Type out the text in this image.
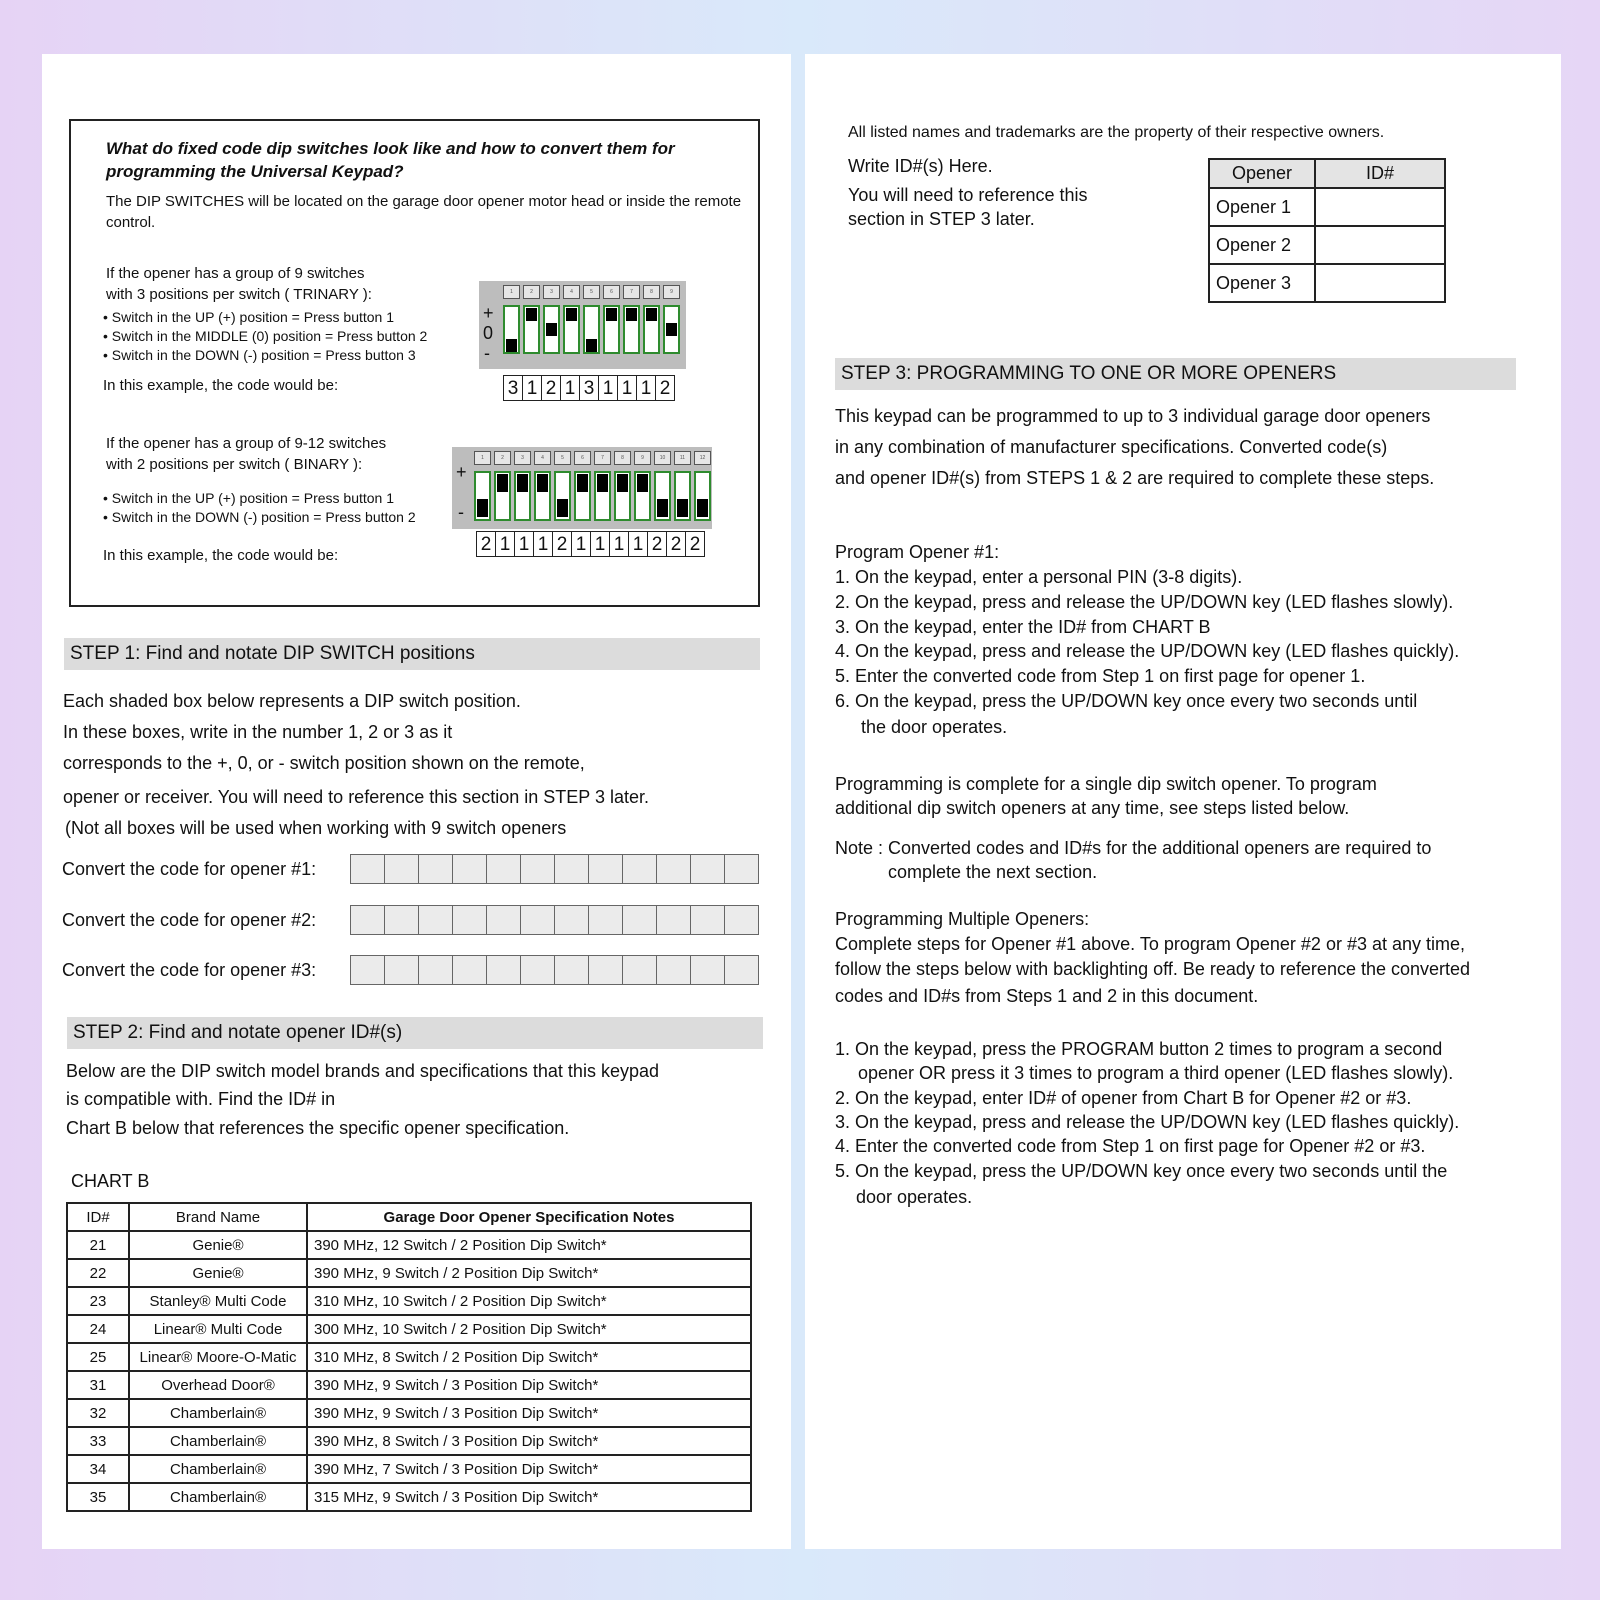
What do fixed code dip switches look like and how to convert them for programming the Universal Keypad?
The DIP SWITCHES will be located on the garage door opener motor head or inside the remote control.
If the opener has a group of 9 switches
with 3 positions per switch ( TRINARY ):
• Switch in the UP (+) position = Press button 1
• Switch in the MIDDLE (0) position = Press button 2
• Switch in the DOWN (-) position = Press button 3
In this example, the code would be:
1	2	3	4	5	6	7	8	9
+
0
-
3 1 2 1 3 1 1 1 2
If the opener has a group of 9-12 switches
with 2 positions per switch ( BINARY ):
• Switch in the UP (+) position = Press button 1
• Switch in the DOWN (-) position = Press button 2
In this example, the code would be:
1	2	3	4	5	6	7	8	9	10	11	12
+
-
2 1 1 1 2 1 1 1 1 2 2 2
STEP 1: Find and notate DIP SWITCH positions
Each shaded box below represents a DIP switch position.
In these boxes, write in the number 1, 2 or 3 as it
corresponds to the +, 0, or - switch position shown on the remote,
opener or receiver. You will need to reference this section in STEP 3 later.
(Not all boxes will be used when working with 9 switch openers
Convert the code for opener #1:
Convert the code for opener #2:
Convert the code for opener #3:
STEP 2: Find and notate opener ID#(s)
Below are the DIP switch model brands and specifications that this keypad
is compatible with. Find the ID# in
Chart B below that references the specific opener specification.
CHART B
ID#	Brand Name	Garage Door Opener Specification Notes
21	Genie®	390 MHz, 12 Switch / 2 Position Dip Switch*
22	Genie®	390 MHz, 9 Switch / 2 Position Dip Switch*
23	Stanley® Multi Code	310 MHz, 10 Switch / 2 Position Dip Switch*
24	Linear® Multi Code	300 MHz, 10 Switch / 2 Position Dip Switch*
25	Linear® Moore-O-Matic	310 MHz, 8 Switch / 2 Position Dip Switch*
31	Overhead Door®	390 MHz, 9 Switch / 3 Position Dip Switch*
32	Chamberlain®	390 MHz, 9 Switch / 3 Position Dip Switch*
33	Chamberlain®	390 MHz, 8 Switch / 3 Position Dip Switch*
34	Chamberlain®	390 MHz, 7 Switch / 3 Position Dip Switch*
35	Chamberlain®	315 MHz, 9 Switch / 3 Position Dip Switch*
All listed names and trademarks are the property of their respective owners.
Write ID#(s) Here.
You will need to reference this
section in STEP 3 later.
Opener	ID#
Opener 1	
Opener 2	
Opener 3	
STEP 3: PROGRAMMING TO ONE OR MORE OPENERS
This keypad can be programmed to up to 3 individual garage door openers
in any combination of manufacturer specifications. Converted code(s)
and opener ID#(s) from STEPS 1 & 2 are required to complete these steps.
Program Opener #1:
1. On the keypad, enter a personal PIN (3-8 digits).
2. On the keypad, press and release the UP/DOWN key (LED flashes slowly).
3. On the keypad, enter the ID# from CHART B
4. On the keypad, press and release the UP/DOWN key (LED flashes quickly).
5. Enter the converted code from Step 1 on first page for opener 1.
6. On the keypad, press the UP/DOWN key once every two seconds until
the door operates.
Programming is complete for a single dip switch opener. To program
additional dip switch openers at any time, see steps listed below.
Note : Converted codes and ID#s for the additional openers are required to
complete the next section.
Programming Multiple Openers:
Complete steps for Opener #1 above. To program Opener #2 or #3 at any time,
follow the steps below with backlighting off. Be ready to reference the converted
codes and ID#s from Steps 1 and 2 in this document.
1. On the keypad, press the PROGRAM button 2 times to program a second
opener OR press it 3 times to program a third opener (LED flashes slowly).
2. On the keypad, enter ID# of opener from Chart B for Opener #2 or #3.
3. On the keypad, press and release the UP/DOWN key (LED flashes quickly).
4. Enter the converted code from Step 1 on first page for Opener #2 or #3.
5. On the keypad, press the UP/DOWN key once every two seconds until the
door operates.
